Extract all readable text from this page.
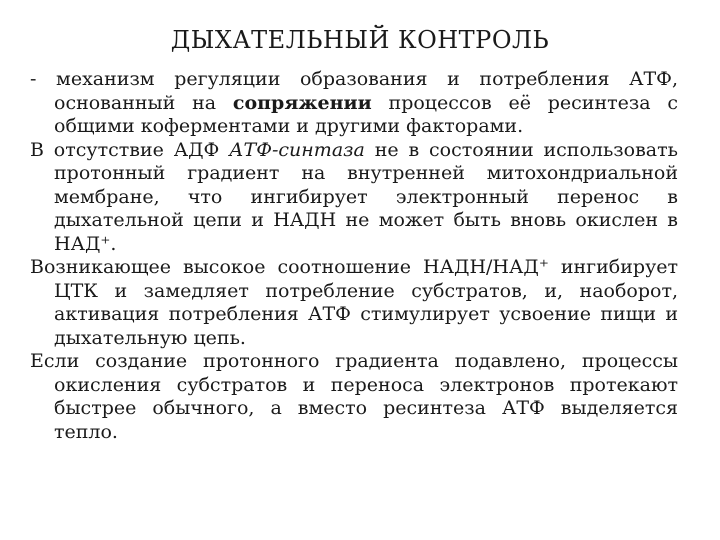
ДЫХАТЕЛЬНЫЙ КОНТРОЛЬ

- механизм регуляции образования и потребления АТФ, основанный на сопряжении процессов её ресинтеза с общими коферментами и другими факторами.

В отсутствие АДФ АТФ-синтаза не в состоянии использовать протонный градиент на внутренней митохондриальной мембране, что ингибирует электронный перенос в дыхательной цепи и НАДН не может быть вновь окислен в НАД⁺.

Возникающее высокое соотношение НАДН/НАД⁺ ингибирует ЦТК и замедляет потребление субстратов, и, наоборот, активация потребления АТФ стимулирует усвоение пищи и дыхательную цепь.

Если создание протонного градиента подавлено, процессы окисления субстратов и переноса электронов протекают быстрее обычного, а вместо ресинтеза АТФ выделяется тепло.
